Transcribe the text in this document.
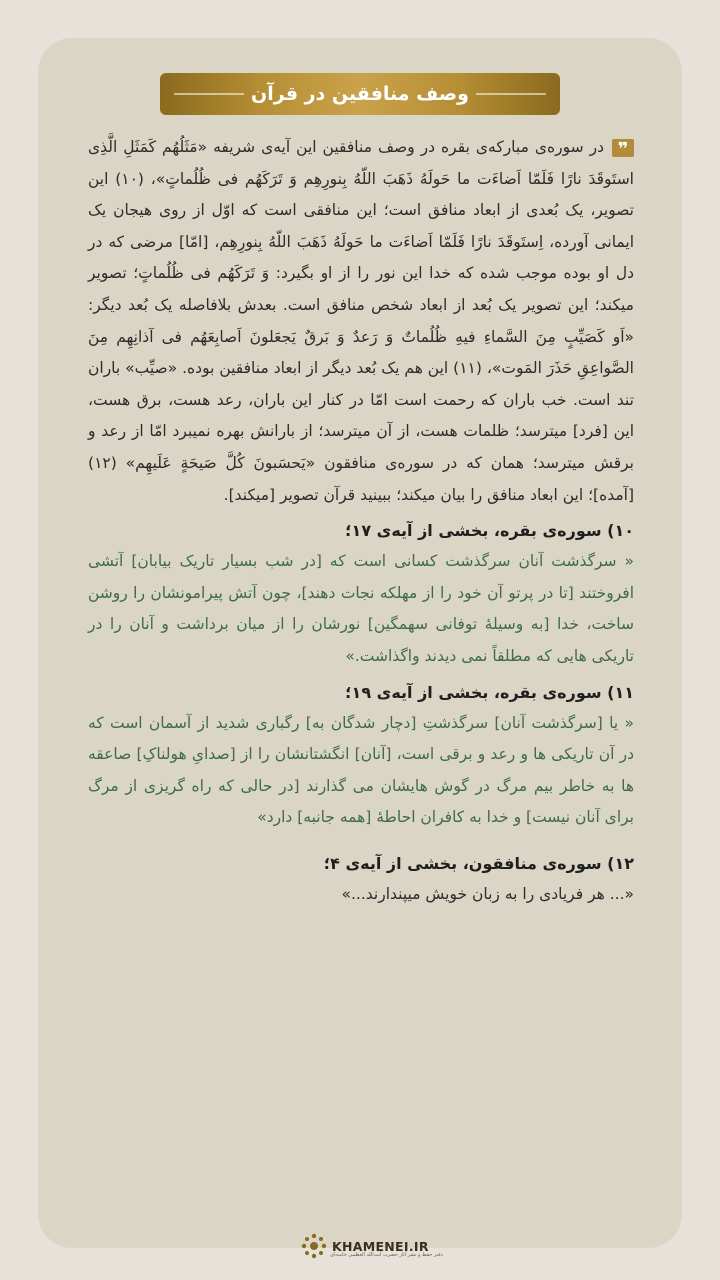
وصف منافقین در قرآن

❞در سوره‌ی مبارکه‌ی بقره در وصف منافقین این آیه‌ی شریفه «مَثَلُهُم کَمَثَلِ الَّذِی استَوقَدَ نارًا فَلَمّا اَضاءَت ما حَولَهُ ذَهَبَ اللّهُ بِنورِهِم وَ تَرَکَهُم فی ظُلُماتٍ»، (۱۰) این تصویر، یک بُعدی از ابعاد منافق است؛ این منافقی است که اوّل از روی هیجان یک ایمانی آورده، اِستَوقَدَ نارًا فَلَمّا اَضاءَت ما حَولَهُ ذَهَبَ اللّهُ بِنورِهِم، [امّا] مرضی که در دل او بوده موجب شده که خدا این نور را از او بگیرد: وَ تَرَکَهُم فی ظُلُماتٍ؛ تصویر میکند؛ این تصویر یک بُعد از ابعاد شخص منافق است. بعدش بلافاصله یک بُعد دیگر: «اَو کَصَیِّبٍ مِنَ السَّماءِ فیهِ ظُلُماتٌ وَ رَعدٌ وَ بَرقٌ یَجعَلونَ اَصابِعَهُم فی آذانِهِم مِنَ الصَّواعِقِ حَذَرَ المَوت»، (۱۱) این هم یک بُعد دیگر از ابعاد منافقین بوده. «صیِّب» باران تند است. خب باران که رحمت است امّا در کنار این باران، رعد هست، برق هست، این [فرد] میترسد؛ ظلمات هست، از آن میترسد؛ از بارانش بهره نمیبرد امّا از رعد و برقش میترسد؛ همان که در سوره‌ی منافقون «یَحسَبونَ کُلَّ صَیحَةٍ عَلَیهِم» (۱۲) [آمده]؛ این ابعاد منافق را بیان میکند؛ ببینید قرآن تصویر [میکند].

۱۰) سوره‌ی بقره، بخشی از آیه‌ی ۱۷؛

« سرگذشت آنان سرگذشت کسانی است که [در شب بسیار تاریک بیابان] آتشی افروختند [تا در پرتو آن خود را از مهلکه نجات دهند]، چون آتش پیرامونشان را روشن ساخت، خدا [به وسیلهٔ توفانی سهمگین] نورشان را از میان برداشت و آنان را در تاریکی هایی که مطلقاً نمی دیدند واگذاشت.»

۱۱) سوره‌ی بقره، بخشی از آیه‌ی ۱۹؛

« یا [سرگذشت آنان] سرگذشتِ [دچار شدگان به] رگباری شدید از آسمان است که در آن تاریکی ها و رعد و برقی است، [آنان] انگشتانشان را از [صدایِ هولناکِ] صاعقه ها به خاطر بیم مرگ در گوش هایشان می گذارند [در حالی که راه گریزی از مرگ برای آنان نیست] و خدا به کافران احاطهٔ [همه جانبه] دارد»

۱۲) سوره‌ی منافقون، بخشی از آیه‌ی ۴؛

«... هر فریادی را به زبان خویش میپندارند...»

KHAMENEI.IR
دفتر حفظ و نشر آثار حضرت آیت‌الله العظمی خامنه‌ای
